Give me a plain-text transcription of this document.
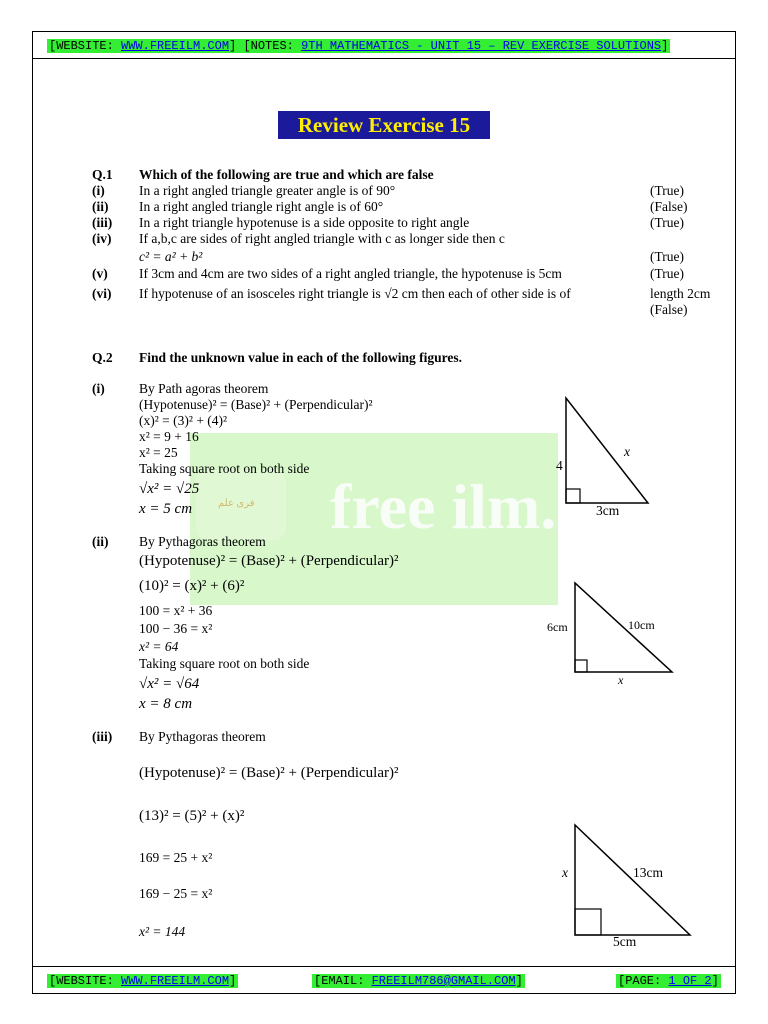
[WEBSITE: WWW.FREEILM.COM] [NOTES: 9TH MATHEMATICS - UNIT 15 – REV EXERCISE SOLUTIONS]
فری علم free ilm.
Review Exercise 15
Q.1 Which of the following are true and which are false
(i)	In a right angled triangle greater angle is of 90°	(True)
(ii) In a right angled triangle right angle is of 60°	(False)
(iii) In a right triangle hypotenuse is a side opposite to right angle	(True)
(iv) If a,b,c are sides of right angled triangle with c as longer side then c
c² = a² + b²	(True)
(v) If 3cm and 4cm are two sides of a right angled triangle, the hypotenuse is 5cm	(True)
(vi) If hypotenuse of an isosceles right triangle is √2 cm then each of other side is of	length 2cm
(False)
Q.2 Find the unknown value in each of the following figures.
(i)	By Path agoras theorem
(Hypotenuse)² = (Base)² + (Perpendicular)²
(x)² = (3)² + (4)²
x² = 9 + 16
x² = 25
Taking square root on both side
√x² = √25
x = 5 cm
4
x
3cm
(ii) By Pythagoras theorem
(Hypotenuse)² = (Base)² + (Perpendicular)²
(10)² = (x)² + (6)²
100 = x² + 36
100 − 36 = x²
x² = 64
Taking square root on both side
√x² = √64
x = 8 cm
6cm	10cm
x
(iii) By Pythagoras theorem
(Hypotenuse)² = (Base)² + (Perpendicular)²
(13)² = (5)² + (x)²
169 = 25 + x²
169 − 25 = x²
x² = 144
x	13cm
5cm
[WEBSITE: WWW.FREEILM.COM]	[EMAIL: FREEILM786@GMAIL.COM]	[PAGE: 1 OF 2]
